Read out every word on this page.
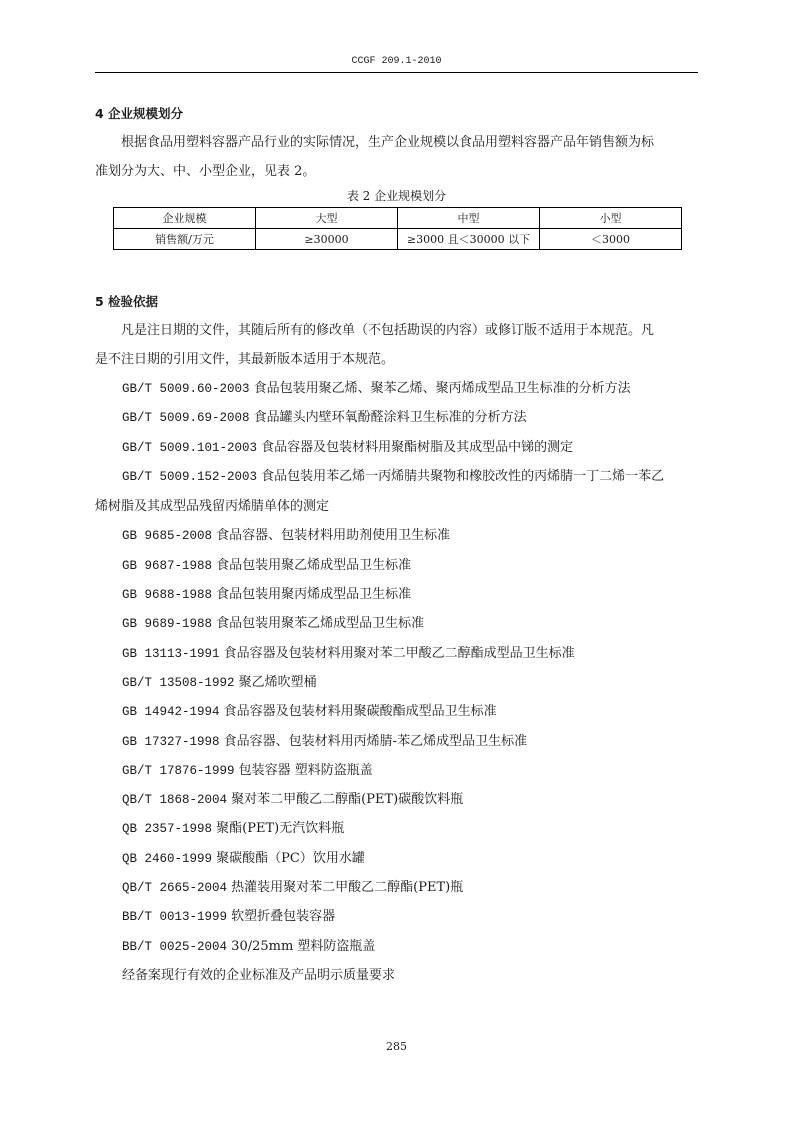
CCGF 209.1-2010
4 企业规模划分
根据食品用塑料容器产品行业的实际情况，生产企业规模以食品用塑料容器产品年销售额为标
准划分为大、中、小型企业，见表 2。
表 2 企业规模划分
企业规模	大型	中型	小型
销售额/万元	≥30000	≥3000 且＜30000 以下	＜3000
5 检验依据
凡是注日期的文件，其随后所有的修改单（不包括勘误的内容）或修订版不适用于本规范。凡
是不注日期的引用文件，其最新版本适用于本规范。
GB/T 5009.60-2003 食品包装用聚乙烯、聚苯乙烯、聚丙烯成型品卫生标准的分析方法
GB/T 5009.69-2008 食品罐头内壁环氧酚醛涂料卫生标准的分析方法
GB/T 5009.101-2003 食品容器及包装材料用聚酯树脂及其成型品中锑的测定
GB/T 5009.152-2003 食品包装用苯乙烯一丙烯腈共聚物和橡胶改性的丙烯腈一丁二烯一苯乙
烯树脂及其成型品残留丙烯腈单体的测定
GB 9685-2008 食品容器、包装材料用助剂使用卫生标准
GB 9687-1988 食品包装用聚乙烯成型品卫生标准
GB 9688-1988 食品包装用聚丙烯成型品卫生标准
GB 9689-1988 食品包装用聚苯乙烯成型品卫生标准
GB 13113-1991 食品容器及包装材料用聚对苯二甲酸乙二醇酯成型品卫生标准
GB/T 13508-1992 聚乙烯吹塑桶
GB 14942-1994 食品容器及包装材料用聚碳酸酯成型品卫生标准
GB 17327-1998 食品容器、包装材料用丙烯腈-苯乙烯成型品卫生标准
GB/T 17876-1999 包装容器 塑料防盗瓶盖
QB/T 1868-2004 聚对苯二甲酸乙二醇酯(PET)碳酸饮料瓶
QB 2357-1998 聚酯(PET)无汽饮料瓶
QB 2460-1999 聚碳酸酯（PC）饮用水罐
QB/T 2665-2004 热灌装用聚对苯二甲酸乙二醇酯(PET)瓶
BB/T 0013-1999 软塑折叠包装容器
BB/T 0025-2004 30/25mm 塑料防盗瓶盖
经备案现行有效的企业标准及产品明示质量要求
285
